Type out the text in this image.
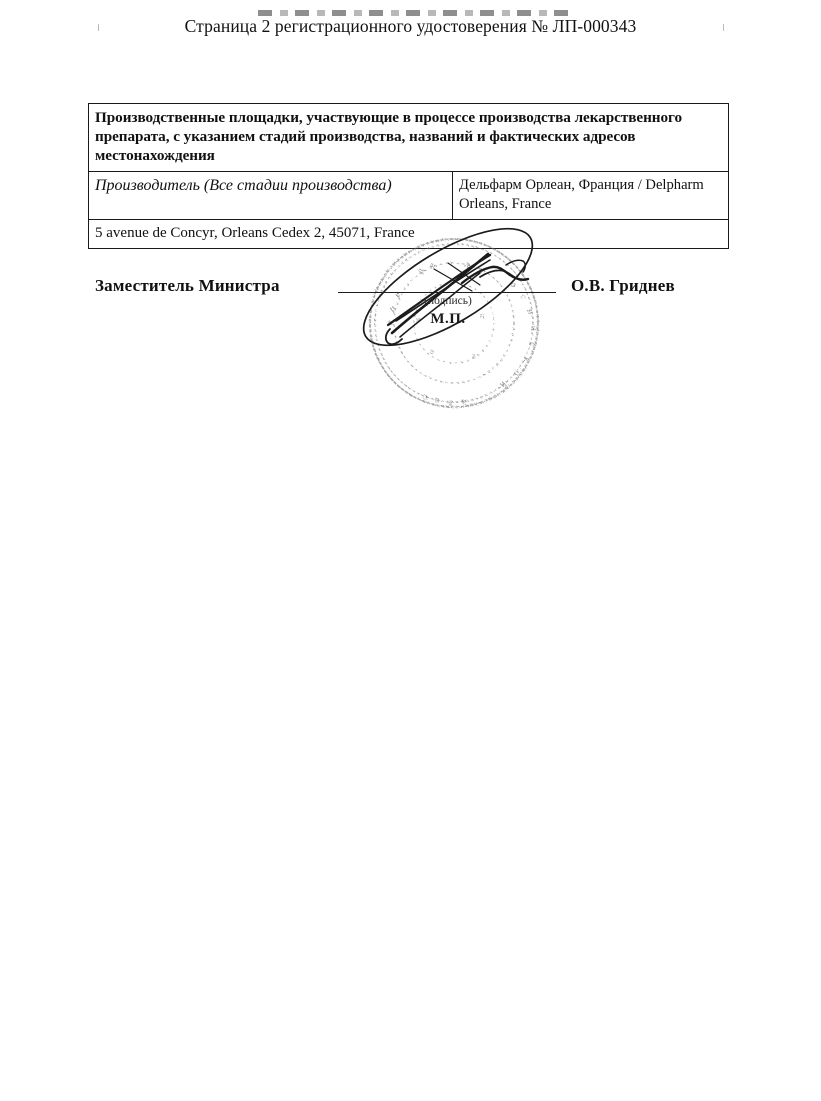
Страница 2 регистрационного удостоверения № ЛП-000343
Производственные площадки, участвующие в процессе производства лекарственного препарата, с указанием стадий производства, названий и фактических адресов местонахождения
Производитель (Все стадии производства)	Дельфарм Орлеан, Франция / Delpharm Orleans, France
5 avenue de Concyr, Orleans Cedex 2, 45071, France
Заместитель Министра	О.В. Гриднев
о
с
и
й
с
к
о
й
с о в а
е
р
а
д
е	л ь
и	н
о	в
(подпись)
М.П.
